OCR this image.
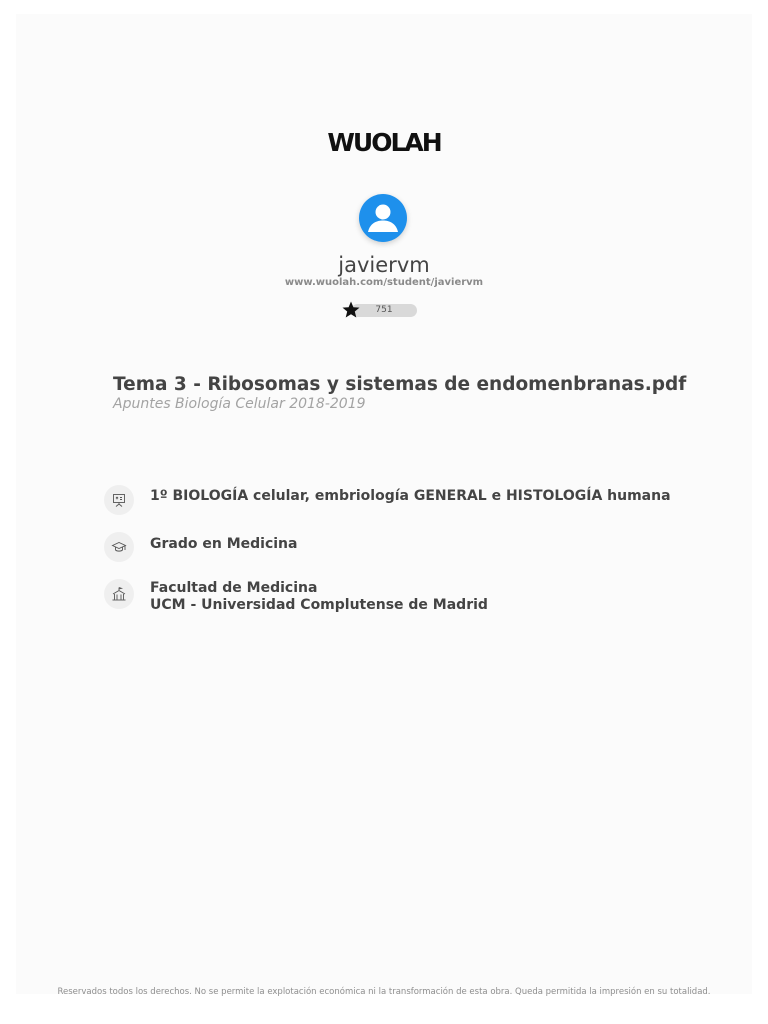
WUOLAH
javiervm
www.wuolah.com/student/javiervm
751
Tema 3 - Ribosomas y sistemas de endomenbranas.pdf
Apuntes Biología Celular 2018-2019
1º BIOLOGÍA celular, embriología GENERAL e HISTOLOGÍA humana
Grado en Medicina
Facultad de Medicina
UCM - Universidad Complutense de Madrid
Reservados todos los derechos. No se permite la explotación económica ni la transformación de esta obra. Queda permitida la impresión en su totalidad.
